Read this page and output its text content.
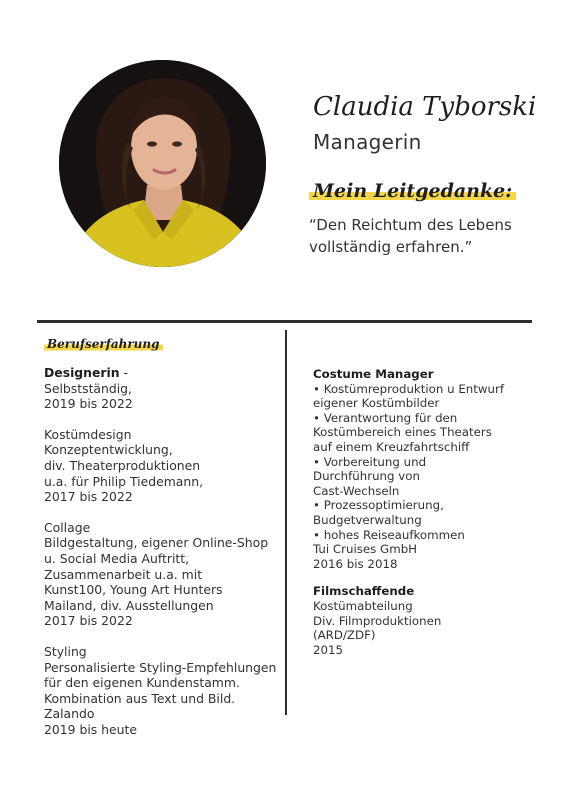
Claudia Tyborski
Managerin
Mein Leitgedanke:
“Den Reichtum des Lebens
vollständig erfahren.”
Berufserfahrung
Designerin -
Selbstständig,
2019 bis 2022
Kostümdesign
Konzeptentwicklung,
div. Theaterproduktionen
u.a. für Philip Tiedemann,
2017 bis 2022
Collage
Bildgestaltung, eigener Online-Shop
u. Social Media Auftritt,
Zusammenarbeit u.a. mit
Kunst100, Young Art Hunters
Mailand, div. Ausstellungen
2017 bis 2022
Styling
Personalisierte Styling-Empfehlungen
für den eigenen Kundenstamm.
Kombination aus Text und Bild.
Zalando
2019 bis heute
Costume Manager
• Kostümreproduktion u Entwurf
eigener Kostümbilder
• Verantwortung für den
Kostümbereich eines Theaters
auf einem Kreuzfahrtschiff
• Vorbereitung und
Durchführung von
Cast-Wechseln
• Prozessoptimierung,
Budgetverwaltung
• hohes Reiseaufkommen
Tui Cruises GmbH
2016 bis 2018
Filmschaffende
Kostümabteilung
Div. Filmproduktionen
(ARD/ZDF)
2015
